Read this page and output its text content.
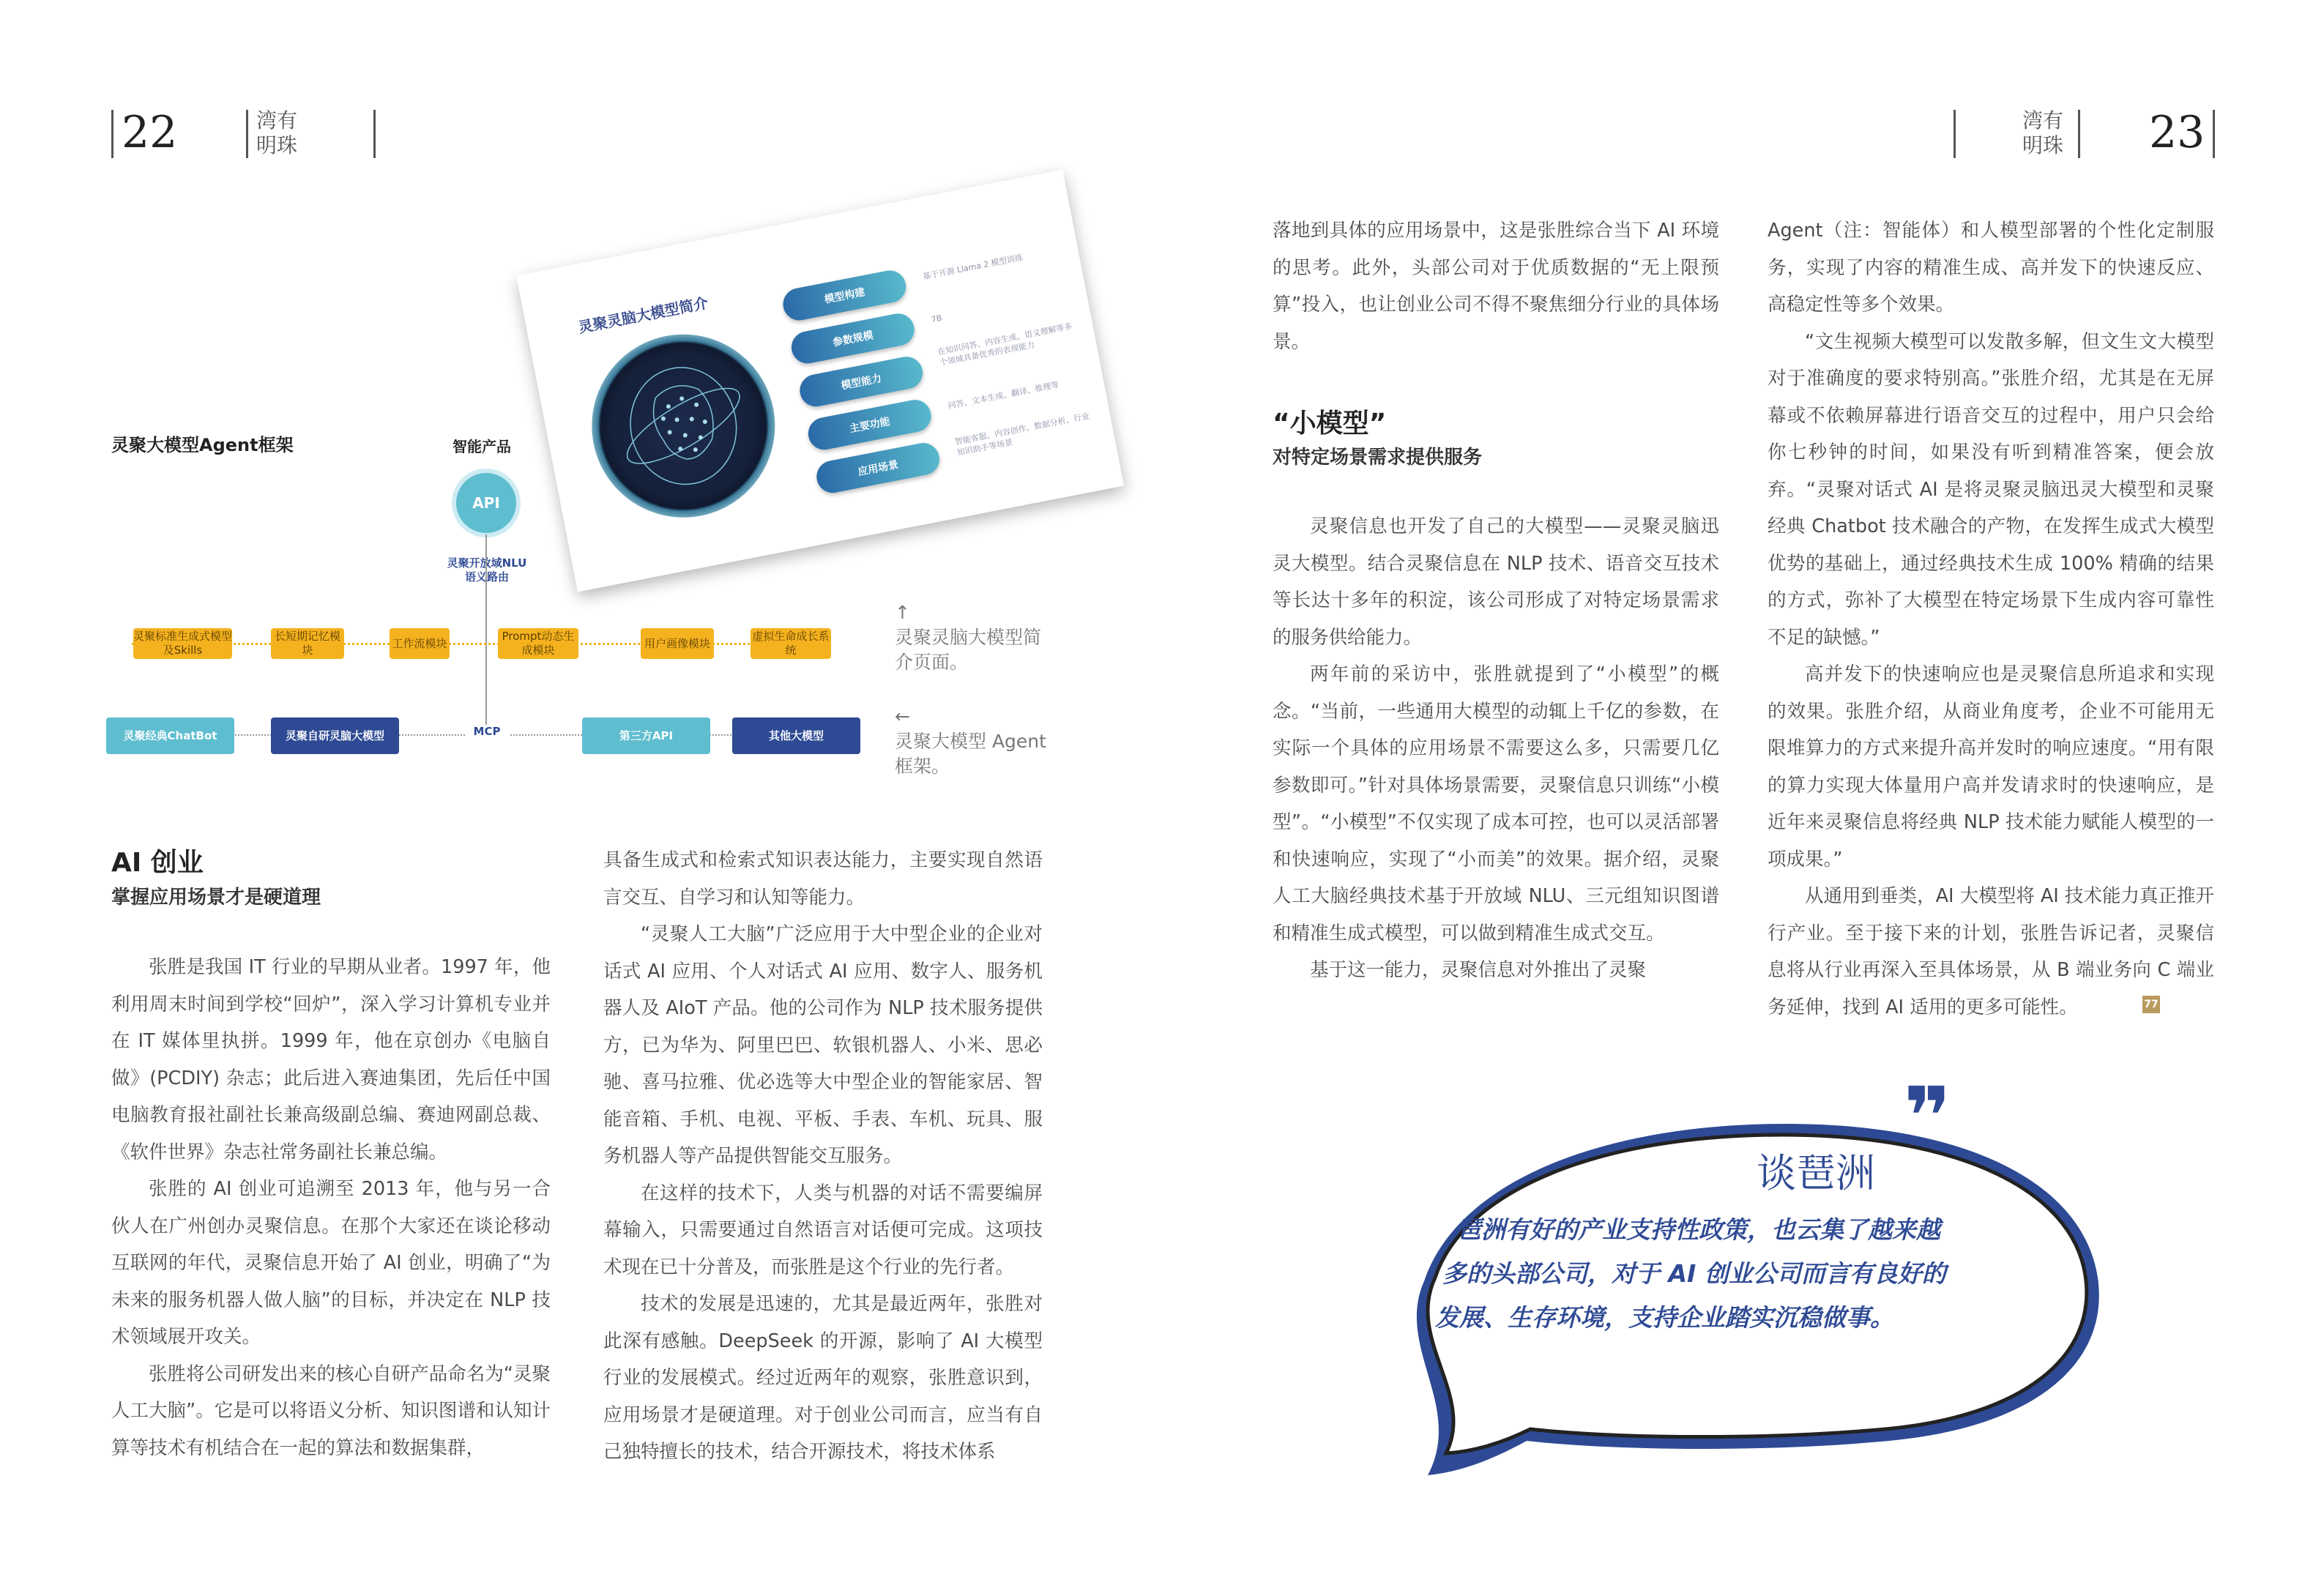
22	湾有
明珠
湾有
明珠 23
灵聚灵脑大模型简介	模型构建
参数规模
模型能力
主要功能
应用场景
基于开源 Llama 2 模型训练
7B
在知识问答、内容生成、语义理解等多个领域具备优秀的表现能力
问答、文本生成、翻译、推理等
智能客服、内容创作、数据分析、行业知识助手等场景
灵聚大模型Agent框架	智能产品
API
灵聚开放域NLU
语义路由
灵聚标准生成式模型及Skills
长短期记忆模块
工作流模块
Prompt动态生成模块
用户画像模块
虚拟生命成长系统
灵聚经典ChatBot	灵聚自研灵脑大模型	MCP	第三方API	其他大模型
↑
灵聚灵脑大模型简
介页面。
←
灵聚大模型 Agent
框架。
AI 创业
掌握应用场景才是硬道理

张胜是我国 IT 行业的早期从业者。1997 年，他利用周末时间到学校“回炉”，深入学习计算机专业并在 IT 媒体里执拼。1999 年，他在京创办《电脑自做》(PCDIY) 杂志；此后进入赛迪集团，先后任中国电脑教育报社副社长兼高级副总编、赛迪网副总裁、《软件世界》杂志社常务副社长兼总编。

张胜的 AI 创业可追溯至 2013 年，他与另一合伙人在广州创办灵聚信息。在那个大家还在谈论移动互联网的年代，灵聚信息开始了 AI 创业，明确了“为未来的服务机器人做人脑”的目标，并决定在 NLP 技术领域展开攻关。

张胜将公司研发出来的核心自研产品命名为“灵聚人工大脑”。它是可以将语义分析、知识图谱和认知计算等技术有机结合在一起的算法和数据集群，

具备生成式和检索式知识表达能力，主要实现自然语言交互、自学习和认知等能力。

“灵聚人工大脑”广泛应用于大中型企业的企业对话式 AI 应用、个人对话式 AI 应用、数字人、服务机器人及 AIoT 产品。他的公司作为 NLP 技术服务提供方，已为华为、阿里巴巴、软银机器人、小米、思必驰、喜马拉雅、优必选等大中型企业的智能家居、智能音箱、手机、电视、平板、手表、车机、玩具、服务机器人等产品提供智能交互服务。

在这样的技术下，人类与机器的对话不需要编屏幕输入，只需要通过自然语言对话便可完成。这项技术现在已十分普及，而张胜是这个行业的先行者。

技术的发展是迅速的，尤其是最近两年，张胜对此深有感触。DeepSeek 的开源，影响了 AI 大模型行业的发展模式。经过近两年的观察，张胜意识到，应用场景才是硬道理。对于创业公司而言，应当有自己独特擅长的技术，结合开源技术，将技术体系

落地到具体的应用场景中，这是张胜综合当下 AI 环境的思考。此外，头部公司对于优质数据的“无上限预算”投入，也让创业公司不得不聚焦细分行业的具体场景。

“小模型”
对特定场景需求提供服务

灵聚信息也开发了自己的大模型——灵聚灵脑迅灵大模型。结合灵聚信息在 NLP 技术、语音交互技术等长达十多年的积淀，该公司形成了对特定场景需求的服务供给能力。

两年前的采访中，张胜就提到了“小模型”的概念。“当前，一些通用大模型的动辄上千亿的参数，在实际一个具体的应用场景不需要这么多，只需要几亿参数即可。”针对具体场景需要，灵聚信息只训练“小模型”。“小模型”不仅实现了成本可控，也可以灵活部署和快速响应，实现了“小而美”的效果。据介绍，灵聚人工大脑经典技术基于开放域 NLU、三元组知识图谱和精准生成式模型，可以做到精准生成式交互。

基于这一能力，灵聚信息对外推出了灵聚

Agent（注：智能体）和人模型部署的个性化定制服务，实现了内容的精准生成、高并发下的快速反应、高稳定性等多个效果。

“文生视频大模型可以发散多解，但文生文大模型对于准确度的要求特别高。”张胜介绍，尤其是在无屏幕或不依赖屏幕进行语音交互的过程中，用户只会给你七秒钟的时间，如果没有听到精准答案，便会放弃。“灵聚对话式 AI 是将灵聚灵脑迅灵大模型和灵聚经典 Chatbot 技术融合的产物，在发挥生成式大模型优势的基础上，通过经典技术生成 100% 精确的结果的方式，弥补了大模型在特定场景下生成内容可靠性不足的缺憾。”

高并发下的快速响应也是灵聚信息所追求和实现的效果。张胜介绍，从商业角度考，企业不可能用无限堆算力的方式来提升高并发时的响应速度。“用有限的算力实现大体量用户高并发请求时的快速响应，是近年来灵聚信息将经典 NLP 技术能力赋能人模型的一项成果。”

从通用到垂类，AI 大模型将 AI 技术能力真正推开行产业。至于接下来的计划，张胜告诉记者，灵聚信息将从行业再深入至具体场景，从 B 端业务向 C 端业务延伸，找到 AI 适用的更多可能性。	77
❞
谈琶洲
琶洲有好的产业支持性政策，也云集了越来越
多的头部公司，对于 AI 创业公司而言有良好的
发展、生存环境，支持企业踏实沉稳做事。
